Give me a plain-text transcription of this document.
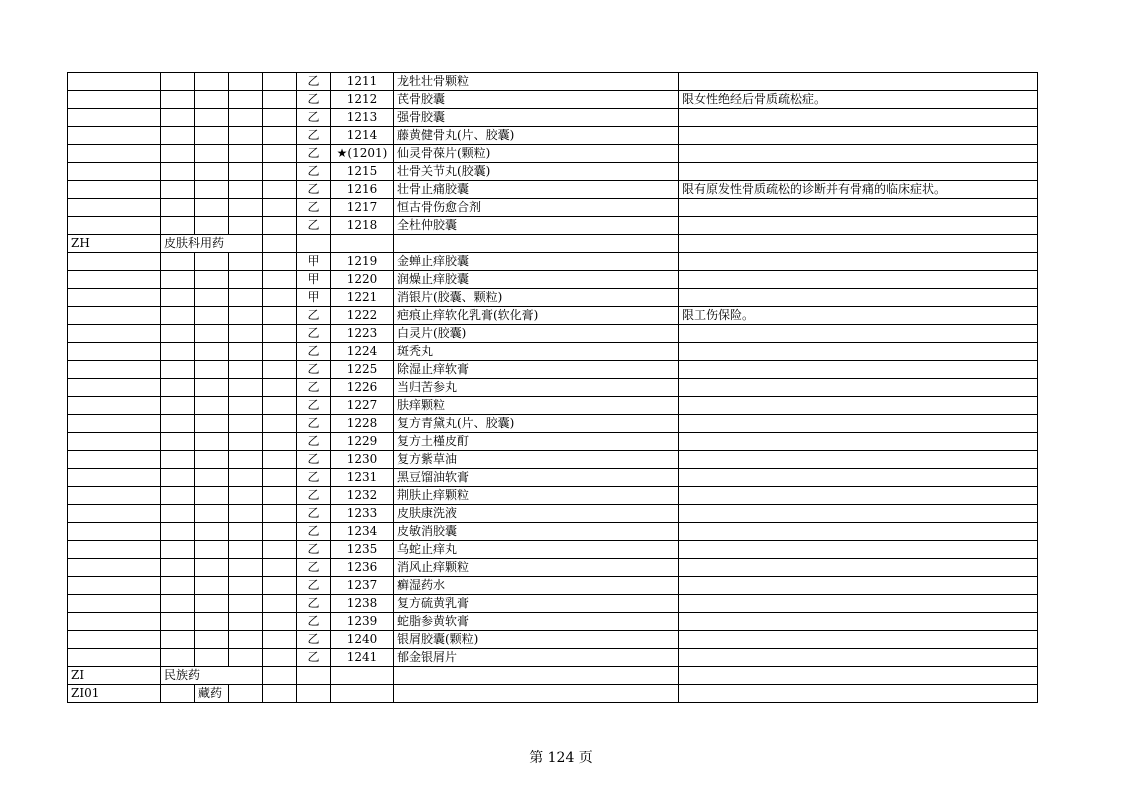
					乙	1211	龙牡壮骨颗粒	
					乙	1212	芪骨胶囊	限女性绝经后骨质疏松症。
					乙	1213	强骨胶囊	
					乙	1214	藤黄健骨丸(片、胶囊)	
					乙	★(1201)	仙灵骨葆片(颗粒)	
					乙	1215	壮骨关节丸(胶囊)	
					乙	1216	壮骨止痛胶囊	限有原发性骨质疏松的诊断并有骨痛的临床症状。
					乙	1217	恒古骨伤愈合剂	
					乙	1218	全杜仲胶囊	
ZH	皮肤科用药							
					甲	1219	金蝉止痒胶囊	
					甲	1220	润燥止痒胶囊	
					甲	1221	消银片(胶囊、颗粒)	
					乙	1222	疤痕止痒软化乳膏(软化膏)	限工伤保险。
					乙	1223	白灵片(胶囊)	
					乙	1224	斑秃丸	
					乙	1225	除湿止痒软膏	
					乙	1226	当归苦参丸	
					乙	1227	肤痒颗粒	
					乙	1228	复方青黛丸(片、胶囊)	
					乙	1229	复方土槿皮酊	
					乙	1230	复方紫草油	
					乙	1231	黑豆馏油软膏	
					乙	1232	荆肤止痒颗粒	
					乙	1233	皮肤康洗液	
					乙	1234	皮敏消胶囊	
					乙	1235	乌蛇止痒丸	
					乙	1236	消风止痒颗粒	
					乙	1237	癣湿药水	
					乙	1238	复方硫黄乳膏	
					乙	1239	蛇脂参黄软膏	
					乙	1240	银屑胶囊(颗粒)	
					乙	1241	郁金银屑片	
ZI	民族药							
ZI01		藏药						
第 124 页
